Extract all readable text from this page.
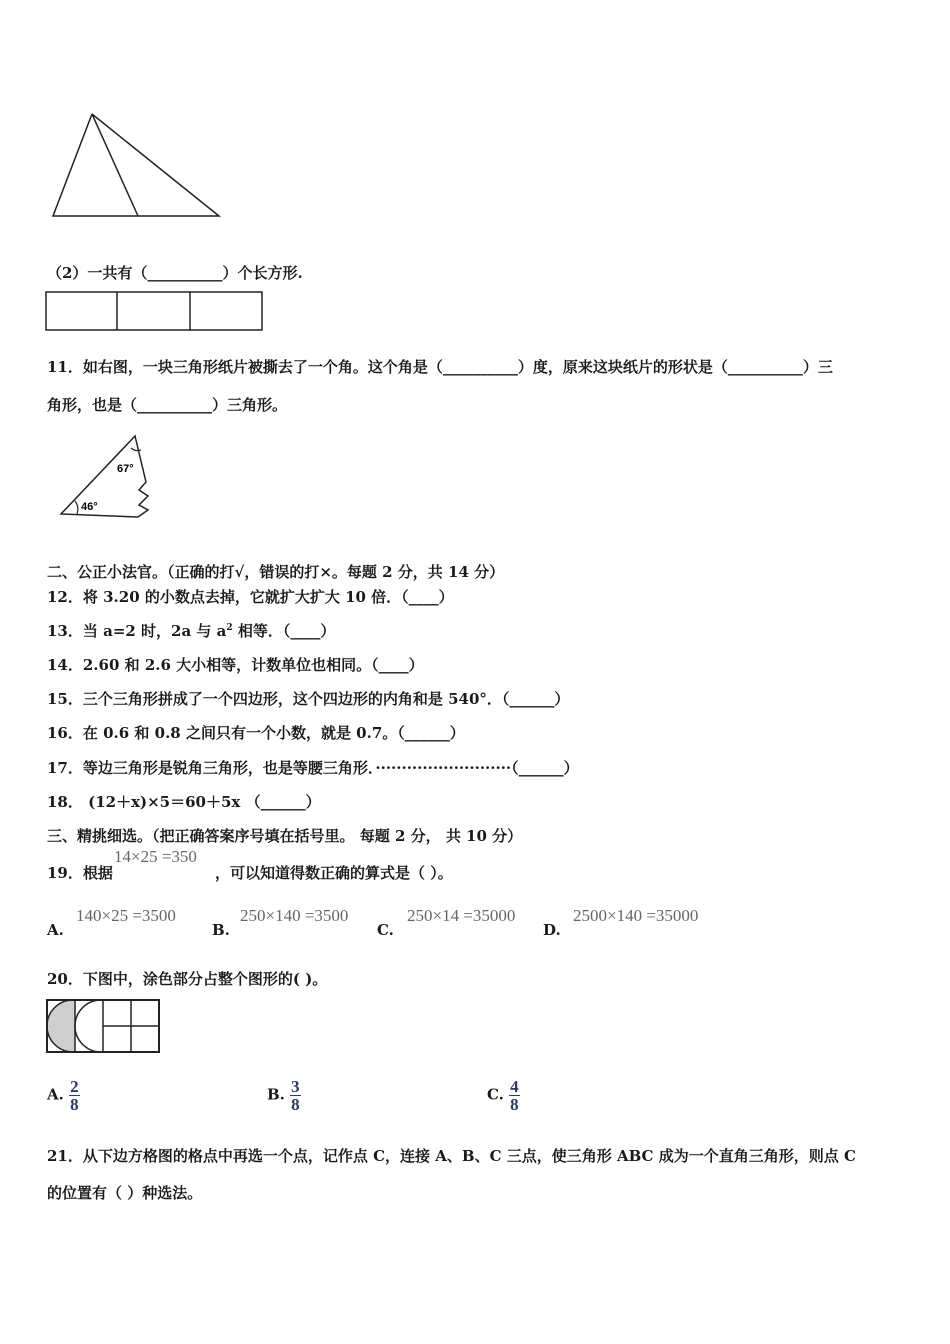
（2）一共有（__________）个长方形.
11．如右图，一块三角形纸片被撕去了一个角。这个角是（__________）度，原来这块纸片的形状是（__________）三
角形，也是（__________）三角形。
67°
46°
二、公正小法官。（正确的打√，错误的打×。每题 2 分，共 14 分）
12．将 3.20 的小数点去掉，它就扩大扩大 10 倍．（____）
13．当 a=2 时，2a 与 $a^2$ 相等．（____）
14．2.60 和 2.6 大小相等，计数单位也相同。（____）
15．三个三角形拼成了一个四边形，这个四边形的内角和是 540°．（______）
16．在 0.6 和 0.8 之间只有一个小数，就是 0.7。（______）
17．等边三角形是锐角三角形，也是等腰三角形．··························（______）
18． (12＋x)×5＝60＋5x （______）
三、精挑细选。（把正确答案序号填在括号里。 每题 2 分， 共 10 分）
19．根据
14×25 =350
，可以知道得数正确的算式是（ ）。
A.
140×25 =3500
B.
250×140 =3500
C.
250×14 =35000
D.
2500×140 =35000
20．下图中，涂色部分占整个图形的( )。
A. $\frac{2}{8}$	B. $\frac{3}{8}$	C. $\frac{4}{8}$
21．从下边方格图的格点中再选一个点，记作点 C，连接 A、B、C 三点，使三角形 ABC 成为一个直角三角形，则点 C
的位置有（ ）种选法。
